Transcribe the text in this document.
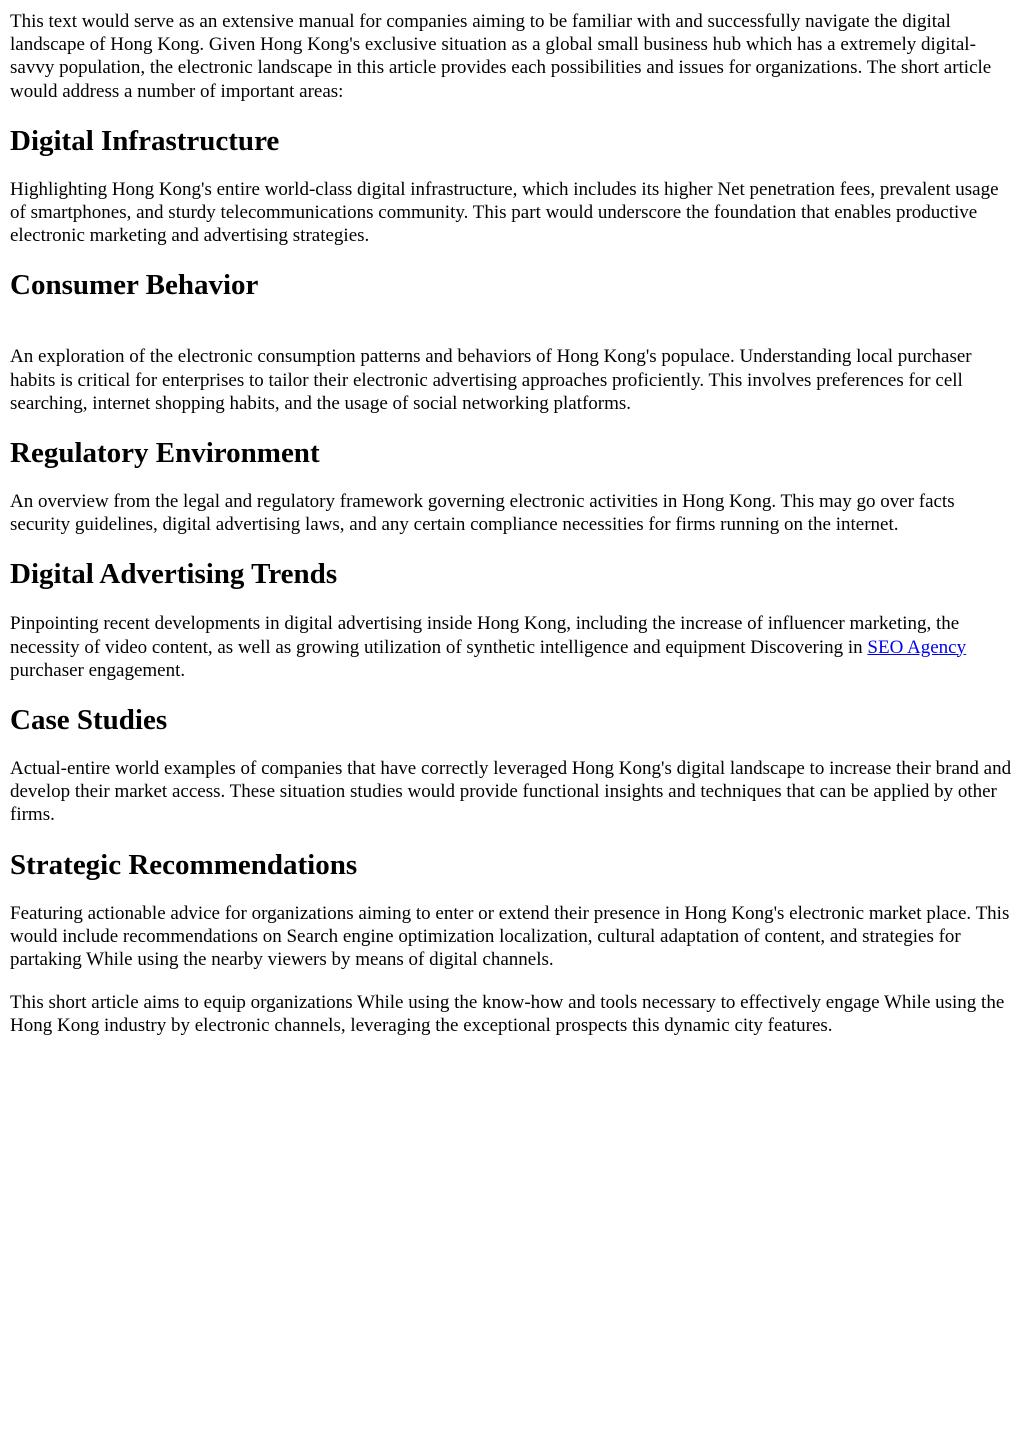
This text would serve as an extensive manual for companies aiming to be familiar with and successfully navigate the digital landscape of Hong Kong. Given Hong Kong's exclusive situation as a global small business hub which has a extremely digital-savvy population, the electronic landscape in this article provides each possibilities and issues for organizations. The short article would address a number of important areas:

Digital Infrastructure

Highlighting Hong Kong's entire world-class digital infrastructure, which includes its higher Net penetration fees, prevalent usage of smartphones, and sturdy telecommunications community. This part would underscore the foundation that enables productive electronic marketing and advertising strategies.

Consumer Behavior

An exploration of the electronic consumption patterns and behaviors of Hong Kong's populace. Understanding local purchaser habits is critical for enterprises to tailor their electronic advertising approaches proficiently. This involves preferences for cell searching, internet shopping habits, and the usage of social networking platforms.

Regulatory Environment

An overview from the legal and regulatory framework governing electronic activities in Hong Kong. This may go over facts security guidelines, digital advertising laws, and any certain compliance necessities for firms running on the internet.

Digital Advertising Trends

Pinpointing recent developments in digital advertising inside Hong Kong, including the increase of influencer marketing, the necessity of video content, as well as growing utilization of synthetic intelligence and equipment Discovering in SEO Agency purchaser engagement.

Case Studies

Actual-entire world examples of companies that have correctly leveraged Hong Kong's digital landscape to increase their brand and develop their market access. These situation studies would provide functional insights and techniques that can be applied by other firms.

Strategic Recommendations

Featuring actionable advice for organizations aiming to enter or extend their presence in Hong Kong's electronic market place. This would include recommendations on Search engine optimization localization, cultural adaptation of content, and strategies for partaking While using the nearby viewers by means of digital channels.

This short article aims to equip organizations While using the know-how and tools necessary to effectively engage While using the Hong Kong industry by electronic channels, leveraging the exceptional prospects this dynamic city features.
